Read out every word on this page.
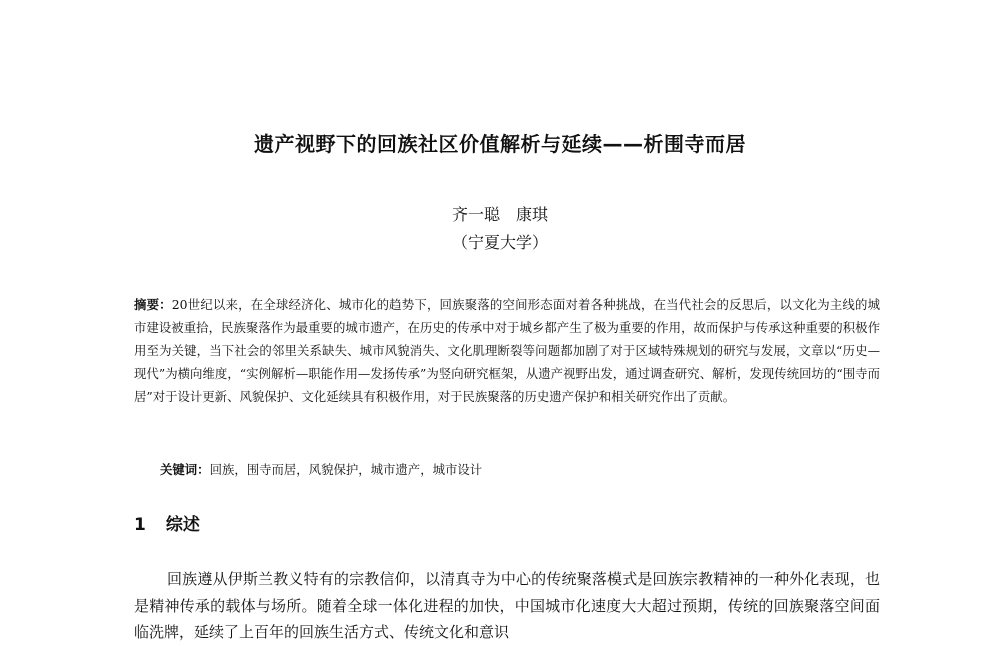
遗产视野下的回族社区价值解析与延续——析围寺而居
齐一聪　康琪
（宁夏大学）
摘要：20世纪以来，在全球经济化、城市化的趋势下，回族聚落的空间形态面对着各种挑战，在当代社会的反思后，以文化为主线的城市建设被重拾，民族聚落作为最重要的城市遗产，在历史的传承中对于城乡都产生了极为重要的作用，故而保护与传承这种重要的积极作用至为关键，当下社会的邻里关系缺失、城市风貌消失、文化肌理断裂等问题都加剧了对于区域特殊规划的研究与发展，文章以“历史—现代”为横向维度，“实例解析—职能作用—发扬传承”为竖向研究框架，从遗产视野出发，通过调查研究、解析，发现传统回坊的“围寺而居”对于设计更新、风貌保护、文化延续具有积极作用，对于民族聚落的历史遗产保护和相关研究作出了贡献。
关键词：回族，围寺而居，风貌保护，城市遗产，城市设计
1 综述
回族遵从伊斯兰教义特有的宗教信仰，以清真寺为中心的传统聚落模式是回族宗教精神的一种外化表现，也是精神传承的载体与场所。随着全球一体化进程的加快，中国城市化速度大大超过预期，传统的回族聚落空间面临洗牌，延续了上百年的回族生活方式、传统文化和意识
